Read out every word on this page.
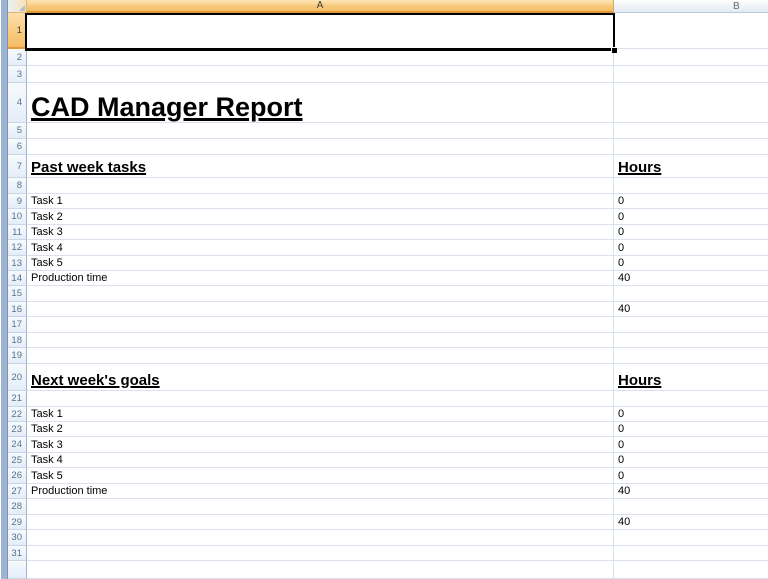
A	B
1
2
3
4 CAD Manager Report
5
6
7 Past week tasks	Hours
8
9 Task 1	0
10 Task 2	0
11 Task 3	0
12 Task 4	0
13 Task 5	0
14 Production time	40
15
16	40
17
18
19
20 Next week's goals	Hours
21
22 Task 1	0
23 Task 2	0
24 Task 3	0
25 Task 4	0
26 Task 5	0
27 Production time	40
28
29	40
30
31
